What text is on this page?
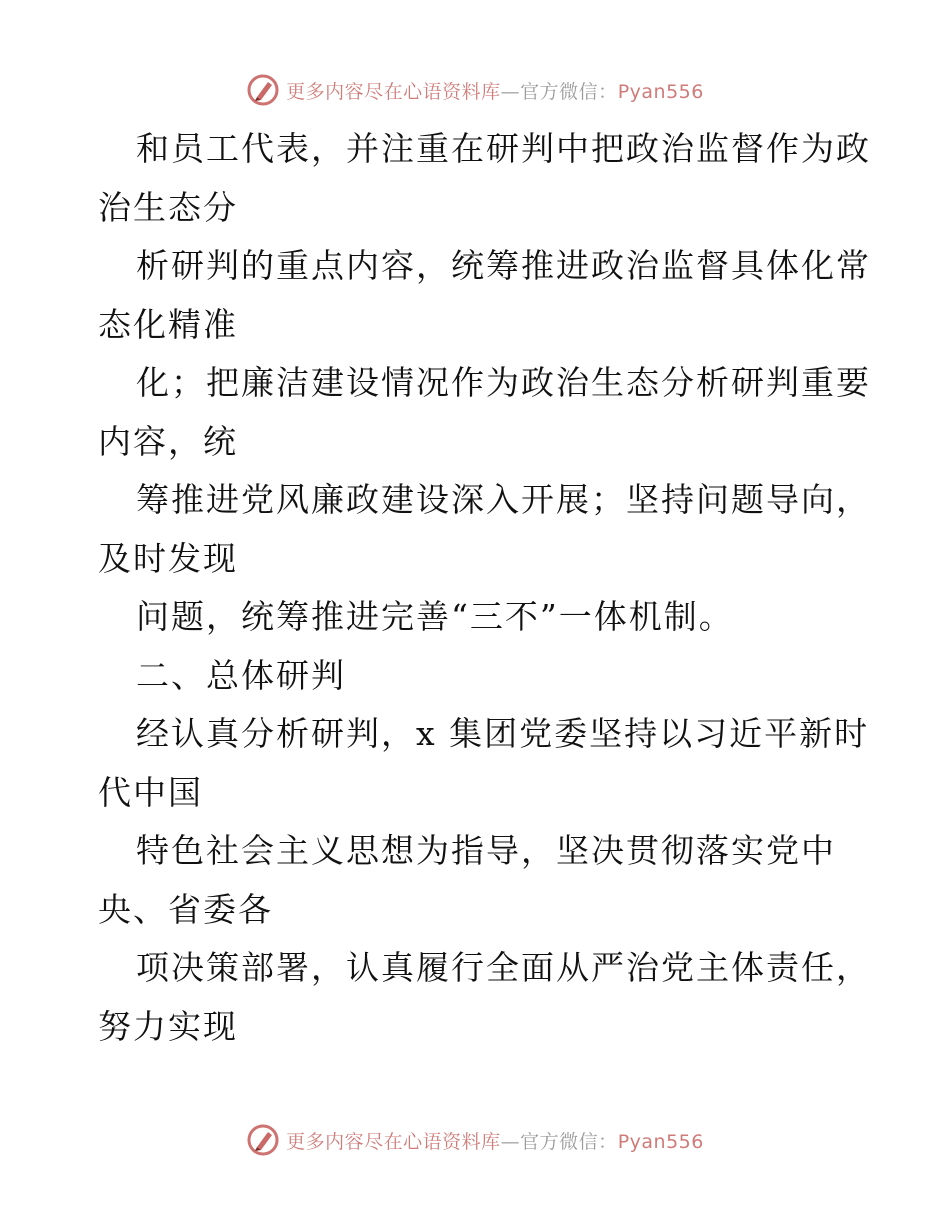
更多内容尽在心语资料库—官方微信：Pyan556
和员工代表，并注重在研判中把政治监督作为政
治生态分
析研判的重点内容，统筹推进政治监督具体化常
态化精准
化；把廉洁建设情况作为政治生态分析研判重要
内容，统
筹推进党风廉政建设深入开展；坚持问题导向，
及时发现
问题，统筹推进完善“三不”一体机制。
二、总体研判
经认真分析研判，x 集团党委坚持以习近平新时
代中国
特色社会主义思想为指导，坚决贯彻落实党中
央、省委各
项决策部署，认真履行全面从严治党主体责任，
努力实现
更多内容尽在心语资料库—官方微信：Pyan556
